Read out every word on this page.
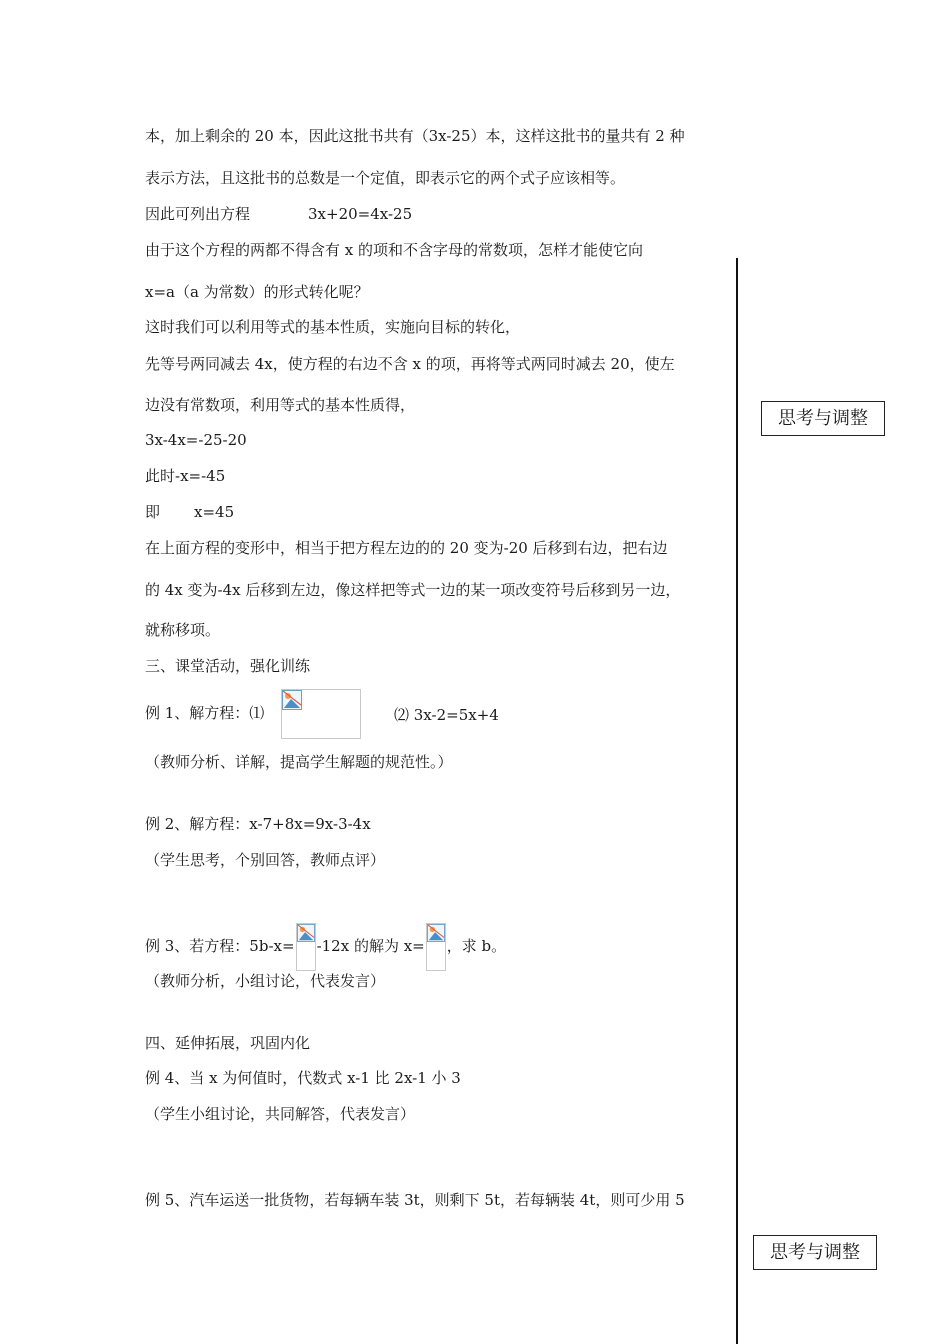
本，加上剩余的 20 本，因此这批书共有（3x-25）本，这样这批书的量共有 2 种
表示方法，且这批书的总数是一个定值，即表示它的两个式子应该相等。
因此可列出方程	3x+20=4x-25
由于这个方程的两都不得含有 x 的项和不含字母的常数项，怎样才能使它向
x=a（a 为常数）的形式转化呢？
这时我们可以利用等式的基本性质，实施向目标的转化，
先等号两同减去 4x，使方程的右边不含 x 的项，再将等式两同时减去 20，使左
边没有常数项，利用等式的基本性质得，
3x-4x=-25-20
此时-x=-45
即 x=45
在上面方程的变形中，相当于把方程左边的的 20 变为-20 后移到右边，把右边
的 4x 变为-4x 后移到左边，像这样把等式一边的某一项改变符号后移到另一边，
就称移项。
三、课堂活动，强化训练
例 1、解方程：⑴	⑵ 3x-2=5x+4
（教师分析、详解，提高学生解题的规范性。）
例 2、解方程：x-7+8x=9x-3-4x
（学生思考，个别回答，教师点评）
例 3、若方程：5b-x= -12x 的解为 x= ，求 b。
（教师分析，小组讨论，代表发言）
四、延伸拓展，巩固内化
例 4、当 x 为何值时，代数式 x-1 比 2x-1 小 3
（学生小组讨论，共同解答，代表发言）
例 5、汽车运送一批货物，若每辆车装 3t，则剩下 5t，若每辆装 4t，则可少用 5
思考与调整
思考与调整
